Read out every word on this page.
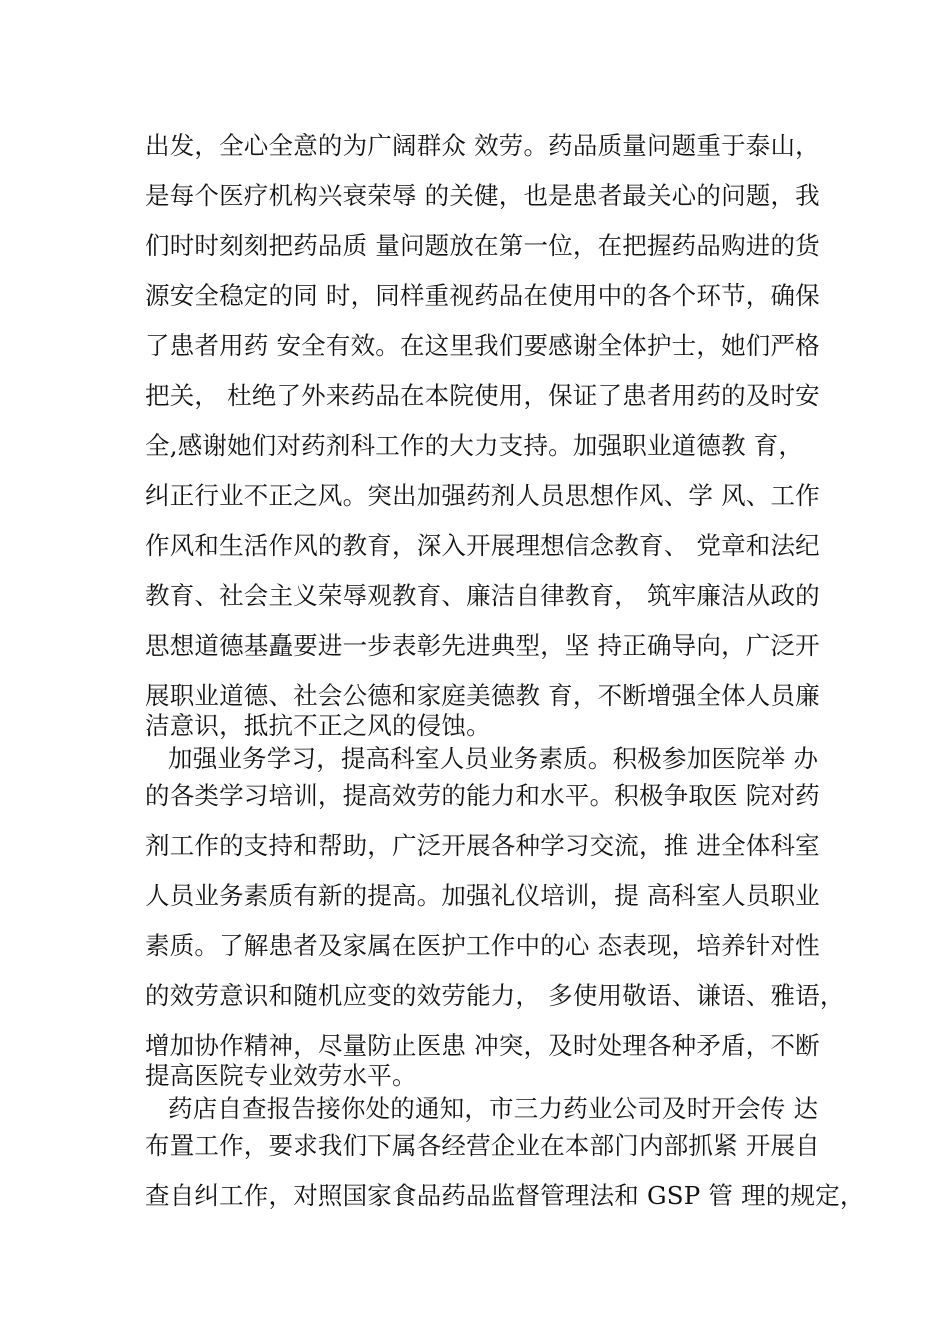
出发，全心全意的为广阔群众 效劳。药品质量问题重于泰山，
是每个医疗机构兴衰荣辱 的关健，也是患者最关心的问题，我
们时时刻刻把药品质 量问题放在第一位，在把握药品购进的货
源安全稳定的同 时，同样重视药品在使用中的各个环节，确保
了患者用药 安全有效。在这里我们要感谢全体护士，她们严格
把关， 杜绝了外来药品在本院使用，保证了患者用药的及时安
全,感谢她们对药剂科工作的大力支持。加强职业道德教 育，
纠正行业不正之风。突出加强药剂人员思想作风、学 风、工作
作风和生活作风的教育，深入开展理想信念教育、 党章和法纪
教育、社会主义荣辱观教育、廉洁自律教育， 筑牢廉洁从政的
思想道德基矗要进一步表彰先进典型，坚 持正确导向，广泛开
展职业道德、社会公德和家庭美德教 育，不断增强全体人员廉
洁意识，抵抗不正之风的侵蚀。
加强业务学习，提高科室人员业务素质。积极参加医院举 办
的各类学习培训，提高效劳的能力和水平。积极争取医 院对药
剂工作的支持和帮助，广泛开展各种学习交流，推 进全体科室
人员业务素质有新的提高。加强礼仪培训，提 高科室人员职业
素质。了解患者及家属在医护工作中的心 态表现，培养针对性
的效劳意识和随机应变的效劳能力， 多使用敬语、谦语、雅语，
增加协作精神，尽量防止医患 冲突，及时处理各种矛盾，不断
提高医院专业效劳水平。
药店自查报告接你处的通知，市三力药业公司及时开会传 达
布置工作，要求我们下属各经营企业在本部门内部抓紧 开展自
查自纠工作，对照国家食品药品监督管理法和 GSP 管 理的规定，
